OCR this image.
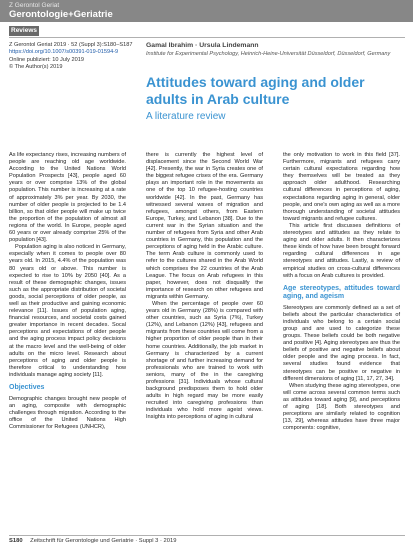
Z Gerontol Geriat
Gerontologie+Geriatrie
Reviews
Z Gerontol Geriat 2019 · 52 (Suppl 3):S180–S187
https://doi.org/10.1007/s00391-019-01594-9
Online publiziert: 10 July 2019
© The Author(s) 2019
Gamal Ibrahim · Ursula Lindemann
Institute for Experimental Psychology, Heinrich-Heine-Universität Düsseldorf, Düsseldorf, Germany
Attitudes toward aging and older adults in Arab culture
A literature review

As life expectancy rises, increasing numbers of people are reaching old age worldwide. According to the United Nations World Population Prospects [43], people aged 60 years or over comprise 13% of the global population. This number is increasing at a rate of approximately 3% per year. By 2030, the number of older people is projected to be 1.4 billion, so that older people will make up twice the proportion of the population of almost all regions of the world. In Europe, people aged 60 years or over already comprise 25% of the population [43].

Population aging is also noticed in Germany, especially when it comes to people over 80 years old. In 2015, 4.4% of the population was 80 years old or above. This number is expected to rise to 10% by 2050 [40]. As a result of these demographic changes, issues such as the appropriate distribution of societal goods, social perceptions of older people, as well as their productive and gaining economic relevance [11]. Issues of population aging, financial resources, and societal costs gained greater importance in recent decades. Socal perceptions and expectations of older people and the aging process impact policy decisions at the macro level and the well-being of older adults on the micro level. Research about perceptions of aging and older people is therefore critical to understanding how individuals manage aging society [11].

Objectives

Demographic changes brought new people of an aging, composite with demographic challenges through migration. According to the office of the United Nations High Commissioner for Refugees (UNHCR),

there is currently the highest level of displacement since the Second World War [42]. Presently, the war in Syria creates one of the biggest refugee crises of the era. Germany plays an important role in the movements as one of the top 10 refugee-hosting countries worldwide [42]. In the past, Germany has witnessed several waves of migration and refugees, amongst others, from Eastern Europe, Turkey, and Lebanon [38]. Due to the current war in the Syrian situation and the number of refugees from Syria and other Arab countries in Germany, this population and the perceptions of aging held in the Arabic culture. The term Arab culture is commonly used to refer to the cultures shared in the Arab World which comprises the 22 countries of the Arab League. The focus on Arab refugees in this paper, however, does not disqualify the importance of research on other refugees and migrants within Germany.

When the percentage of people over 60 years old in Germany (28%) is compared with other countries, such as Syria (7%), Turkey (12%), and Lebanon (12%) [43], refugees and migrants from these countries will come from a higher proportion of older people than in their home countries. Additionally, the job market in Germany is characterized by a current shortage of and further increasing demand for professionals who are trained to work with seniors, many of the in the caregiving professions [31]. Individuals whose cultural background predisposes them to hold older adults in high regard may be more easily recruited into caregiving professions than individuals who hold more ageist views. Insights into perceptions of aging in cultural

the only motivation to work in this field [37]. Furthermore, migrants and refugees carry certain cultural expectations regarding how they themselves will be treated as they approach older adulthood. Researching cultural differences in perceptions of aging, expectations regarding aging in general, older people, and one's own aging as well as a more thorough understanding of societal attitudes toward migrants and refugee cultures.

This article first discusses definitions of stereotypes and attitudes as they relate to aging and older adults. It then characterizes these kinds of how have been brought forward regarding cultural differences in age stereotypes and attitudes. Lastly, a review of empirical studies on cross-cultural differences with a focus on Arab cultures is provided.

Age stereotypes, attitudes toward aging, and ageism

Stereotypes are commonly defined as a set of beliefs about the particular characteristics of individuals who belong to a certain social group and are used to categorize these groups. These beliefs could be both negative and positive [4]. Aging stereotypes are thus the beliefs of positive and negative beliefs about older people and the aging process. In fact, several studies found evidence that stereotypes can be positive or negative in different dimensions of aging [11, 17, 27, 34].

When studying these aging stereotypes, one will come across several common terms such as attitudes toward aging [9], and perceptions of aging [18]. Both stereotypes and perceptions are similarly related to cognition [13, 29], whereas attitudes have three major components: cognitive,

S180 Zeitschrift für Gerontologie und Geriatrie · Suppl 3 · 2019
